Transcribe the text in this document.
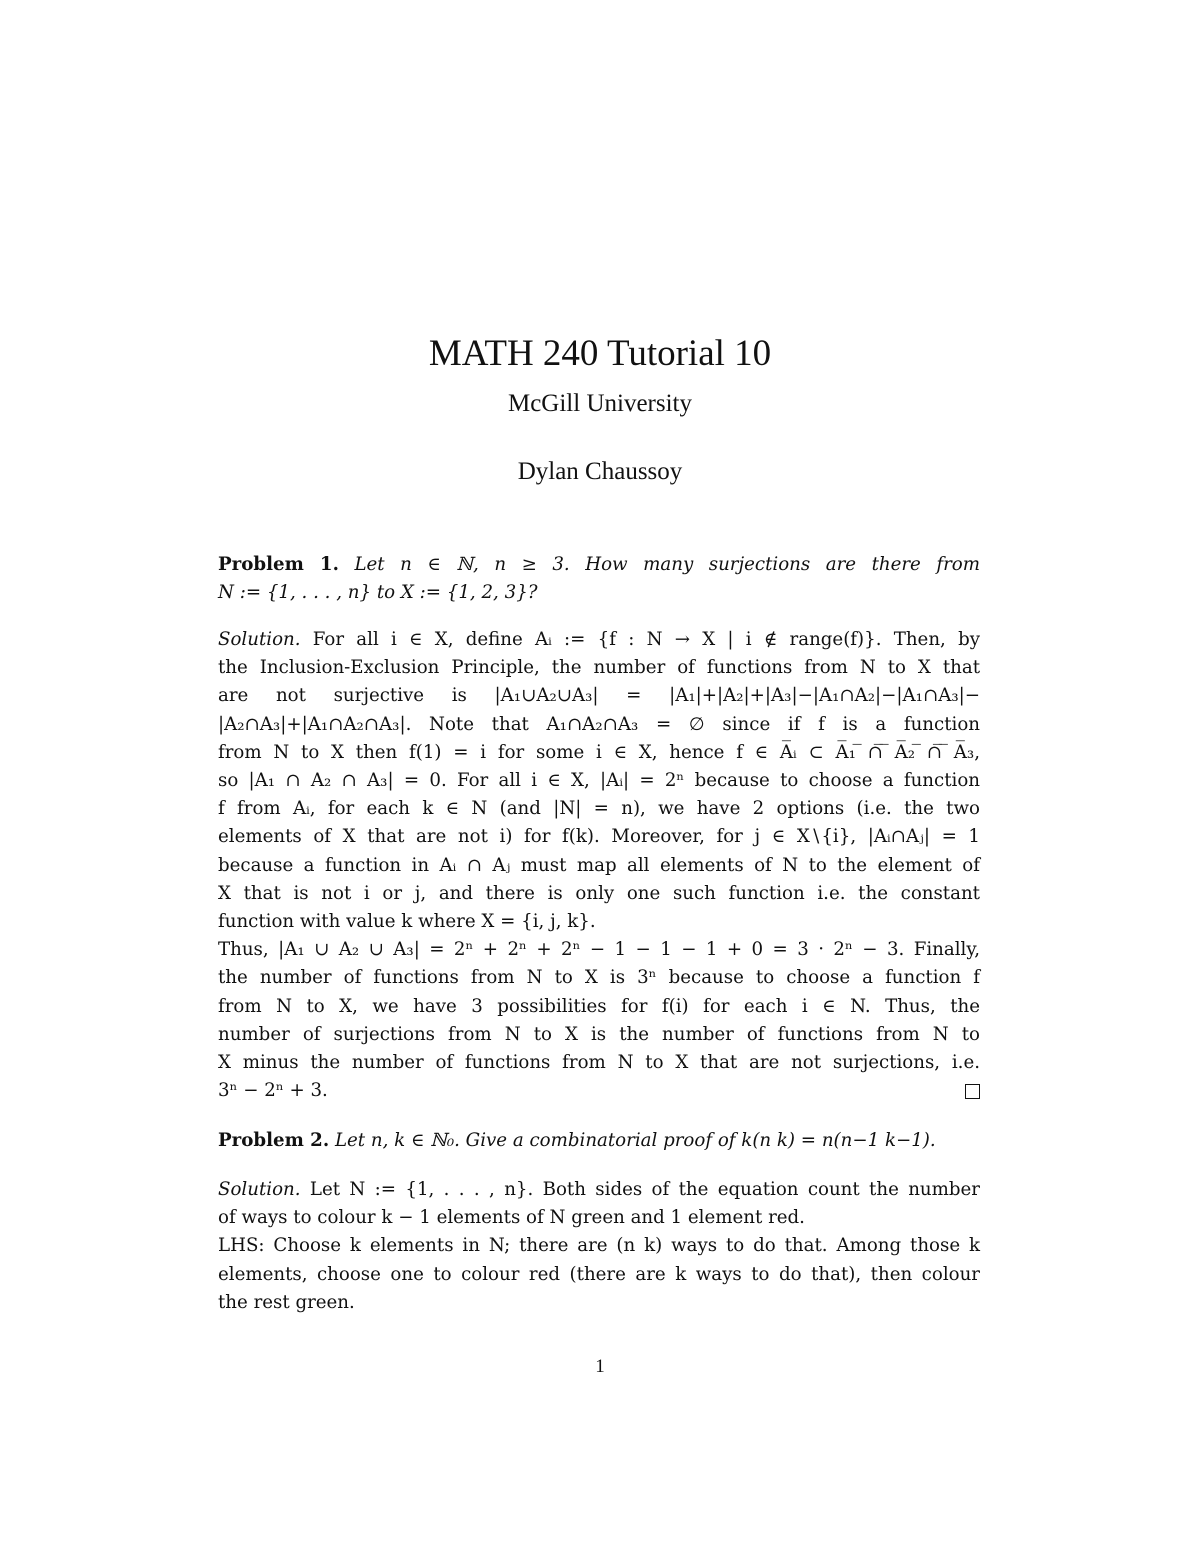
MATH 240 Tutorial 10
McGill University
Dylan Chaussoy
Problem 1. Let n ∈ ℕ, n ≥ 3. How many surjections are there from
N := {1, . . . , n} to X := {1, 2, 3}?
Solution. For all i ∈ X, define Aᵢ := {f : N → X | i ∉ range(f)}. Then, by
the Inclusion-Exclusion Principle, the number of functions from N to X that
are not surjective is |A₁∪A₂∪A₃| = |A₁|+|A₂|+|A₃|−|A₁∩A₂|−|A₁∩A₃|−
|A₂∩A₃|+|A₁∩A₂∩A₃|. Note that A₁∩A₂∩A₃ = ∅ since if f is a function
from N to X then f(1) = i for some i ∈ X, hence f ∈ A̅ᵢ ⊂ A̅₁ ̅∩̅ ̅A̅₂ ̅∩̅ ̅A̅₃,
so |A₁ ∩ A₂ ∩ A₃| = 0. For all i ∈ X, |Aᵢ| = 2ⁿ because to choose a function
f from Aᵢ, for each k ∈ N (and |N| = n), we have 2 options (i.e. the two
elements of X that are not i) for f(k). Moreover, for j ∈ X∖{i}, |Aᵢ∩Aⱼ| = 1
because a function in Aᵢ ∩ Aⱼ must map all elements of N to the element of
X that is not i or j, and there is only one such function i.e. the constant
function with value k where X = {i, j, k}.
Thus, |A₁ ∪ A₂ ∪ A₃| = 2ⁿ + 2ⁿ + 2ⁿ − 1 − 1 − 1 + 0 = 3 · 2ⁿ − 3. Finally,
the number of functions from N to X is 3ⁿ because to choose a function f
from N to X, we have 3 possibilities for f(i) for each i ∈ N. Thus, the
number of surjections from N to X is the number of functions from N to
X minus the number of functions from N to X that are not surjections, i.e.
3ⁿ − 2ⁿ + 3.
Problem 2. Let n, k ∈ ℕ₀. Give a combinatorial proof of k(n k) = n(n−1 k−1).
Solution. Let N := {1, . . . , n}. Both sides of the equation count the number
of ways to colour k − 1 elements of N green and 1 element red.
LHS: Choose k elements in N; there are (n k) ways to do that. Among those k
elements, choose one to colour red (there are k ways to do that), then colour
the rest green.
1
